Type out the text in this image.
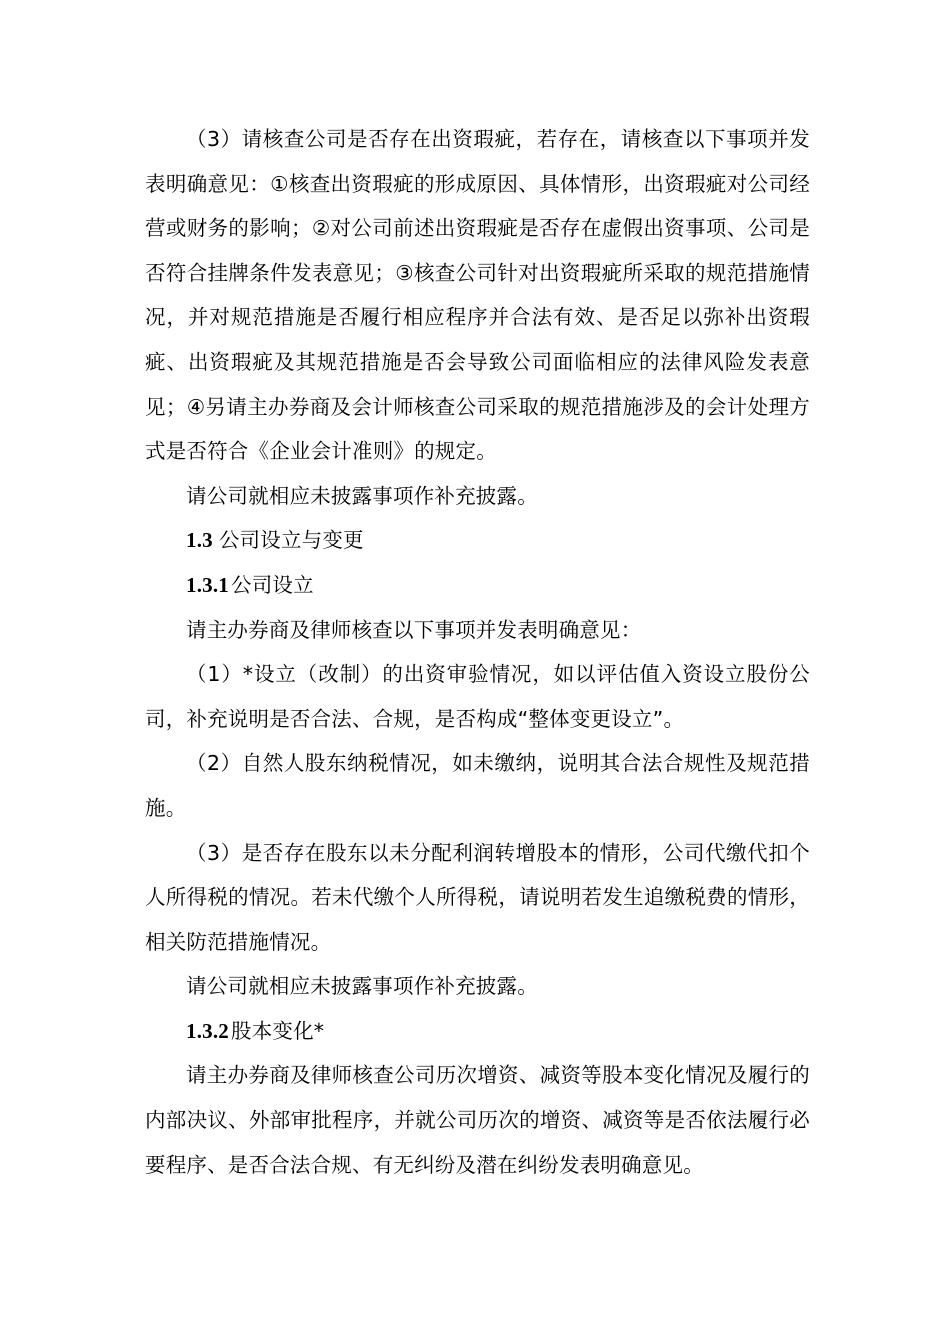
（3）请核查公司是否存在出资瑕疵，若存在，请核查以下事项并发表明确意见：①核查出资瑕疵的形成原因、具体情形，出资瑕疵对公司经营或财务的影响；②对公司前述出资瑕疵是否存在虚假出资事项、公司是否符合挂牌条件发表意见；③核查公司针对出资瑕疵所采取的规范措施情况，并对规范措施是否履行相应程序并合法有效、是否足以弥补出资瑕疵、出资瑕疵及其规范措施是否会导致公司面临相应的法律风险发表意见；④另请主办券商及会计师核查公司采取的规范措施涉及的会计处理方式是否符合《企业会计准则》的规定。

请公司就相应未披露事项作补充披露。

1.3 公司设立与变更

1.3.1公司设立

请主办券商及律师核查以下事项并发表明确意见：

（1）*设立（改制）的出资审验情况，如以评估值入资设立股份公司，补充说明是否合法、合规，是否构成“整体变更设立”。

（2）自然人股东纳税情况，如未缴纳，说明其合法合规性及规范措施。

（3）是否存在股东以未分配利润转增股本的情形，公司代缴代扣个人所得税的情况。若未代缴个人所得税，请说明若发生追缴税费的情形，相关防范措施情况。

请公司就相应未披露事项作补充披露。

1.3.2股本变化*

请主办券商及律师核查公司历次增资、减资等股本变化情况及履行的内部决议、外部审批程序，并就公司历次的增资、减资等是否依法履行必要程序、是否合法合规、有无纠纷及潜在纠纷发表明确意见。
